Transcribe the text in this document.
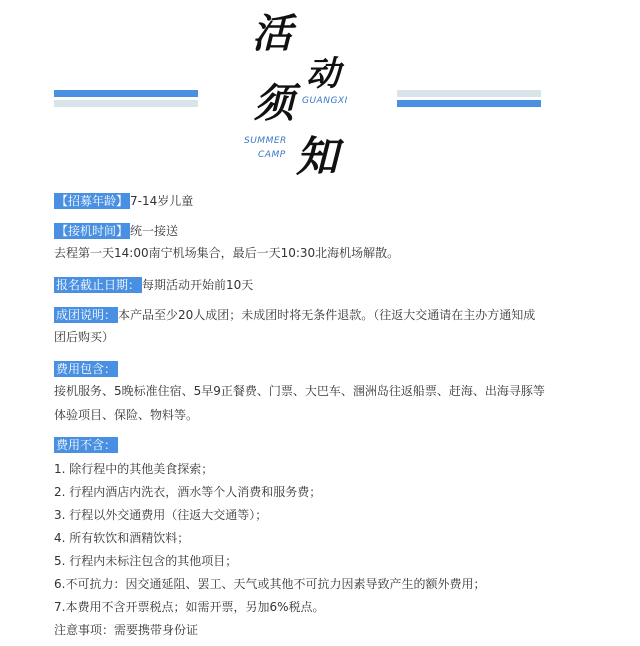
活
动
须
知
GUANGXI
SUMMER
CAMP
【招募年龄】 7-14岁儿童
【接机时间】 统一接送
去程第一天14:00南宁机场集合，最后一天10:30北海机场解散。
报名截止日期： 每期活动开始前10天
成团说明： 本产品至少20人成团；未成团时将无条件退款。（往返大交通请在主办方通知成
团后购买）
费用包含：
接机服务、5晚标准住宿、5早9正餐费、门票、大巴车、涠洲岛往返船票、赶海、出海寻豚等
体验项目、保险、物料等。
费用不含：
1. 除行程中的其他美食探索；
2. 行程内酒店内洗衣，酒水等个人消费和服务费；
3. 行程以外交通费用（往返大交通等）；
4. 所有软饮和酒精饮料；
5. 行程内未标注包含的其他项目；
6.不可抗力：因交通延阻、罢工、天气或其他不可抗力因素导致产生的额外费用；
7.本费用不含开票税点；如需开票，另加6%税点。
注意事项：需要携带身份证
